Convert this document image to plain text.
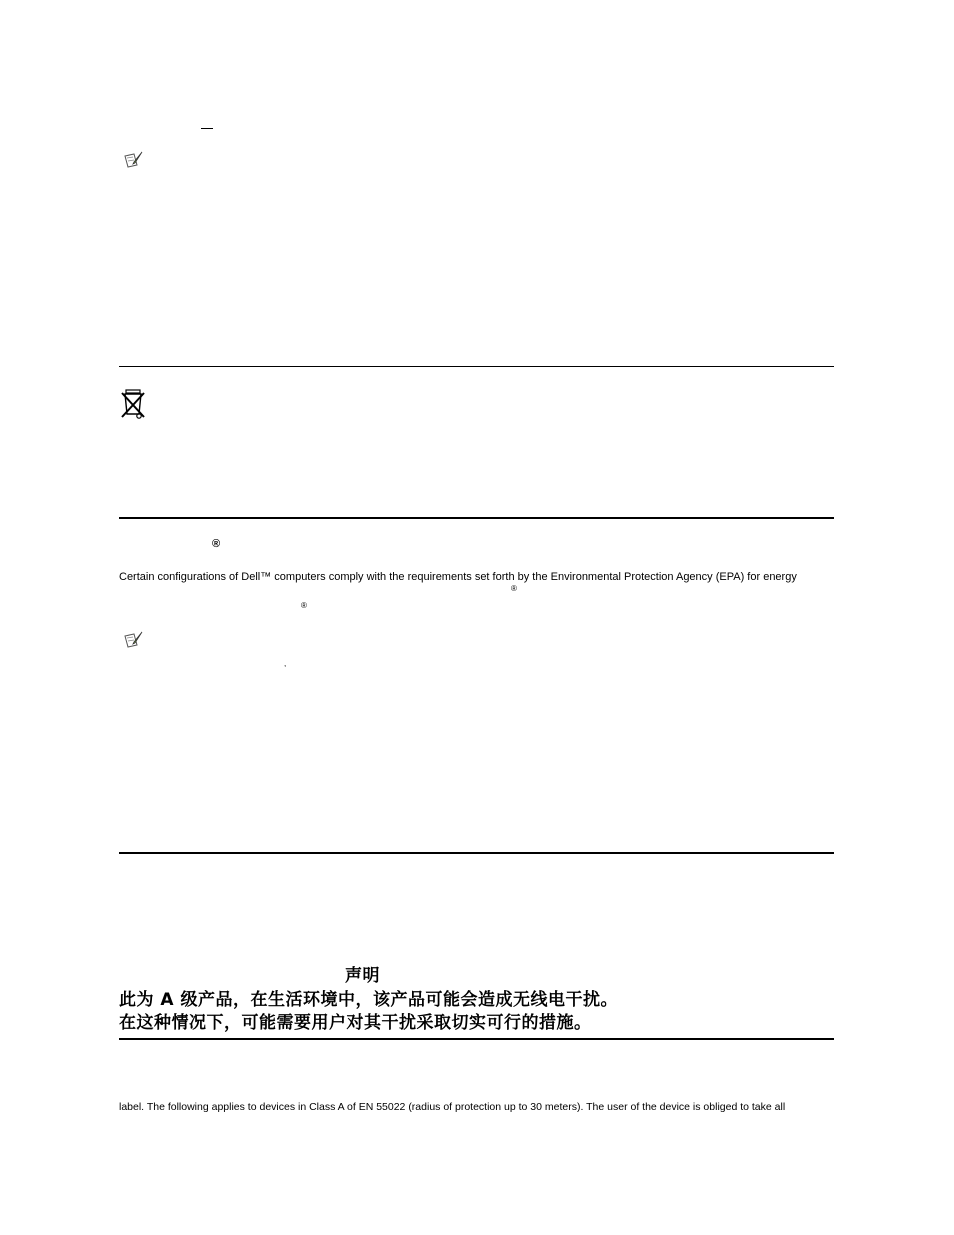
®
Certain configurations of Dell™ computers comply with the requirements set forth by the Environmental Protection Agency (EPA) for energy
®
®
,
声明
此为 A 级产品，在生活环境中，该产品可能会造成无线电干扰。
在这种情况下，可能需要用户对其干扰采取切实可行的措施。
label. The following applies to devices in Class A of EN 55022 (radius of protection up to 30 meters). The user of the device is obliged to take all
